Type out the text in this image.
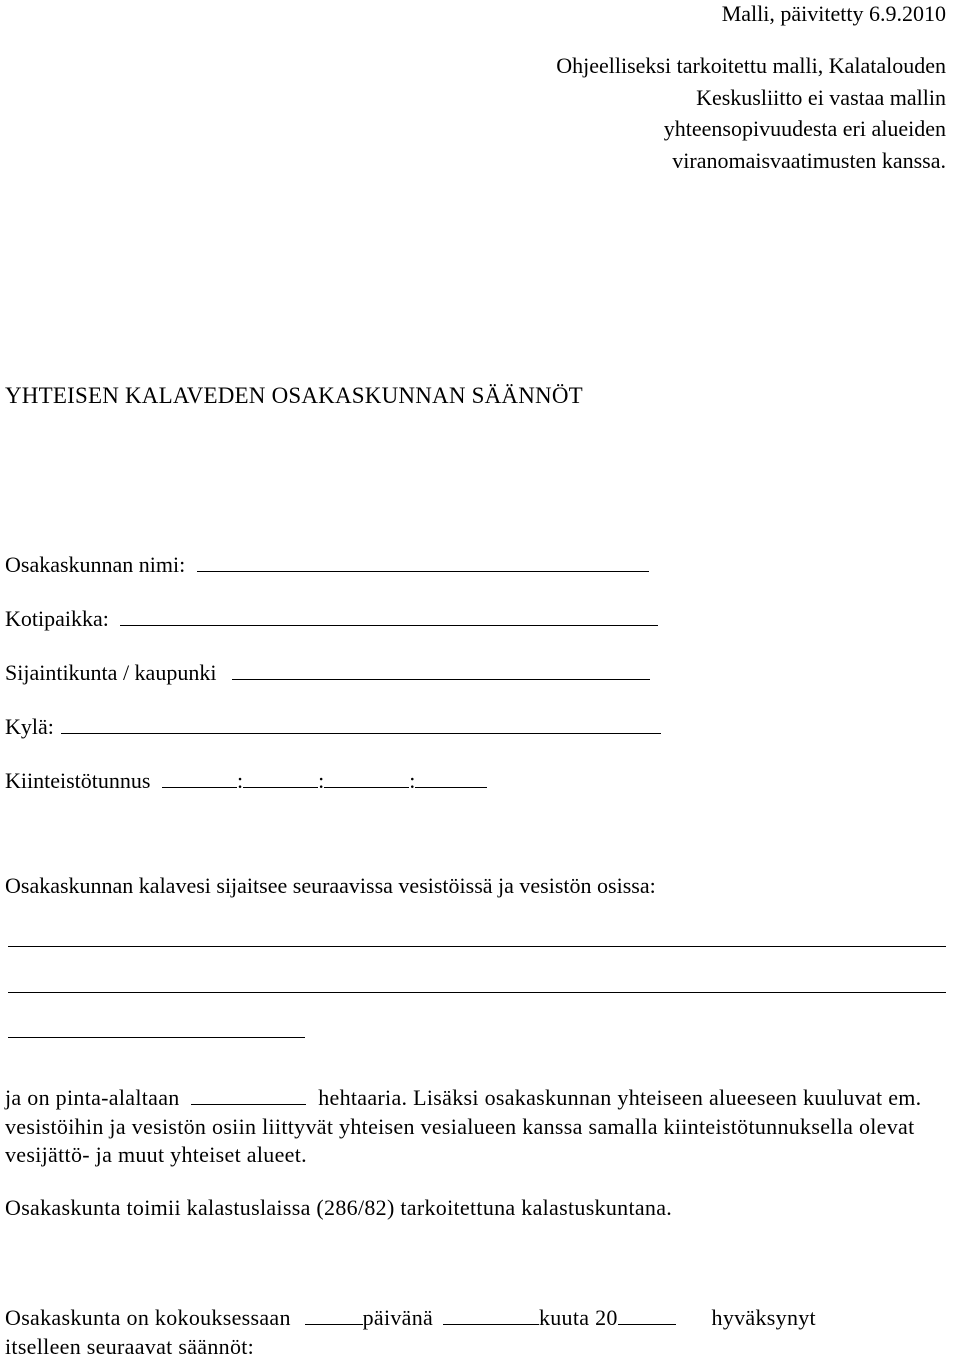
Malli, päivitetty 6.9.2010
Ohjeelliseksi tarkoitettu malli, Kalatalouden Keskusliitto ei vastaa mallin yhteensopivuudesta eri alueiden viranomaisvaatimusten kanssa.
YHTEISEN KALAVEDEN OSAKASKUNNAN SÄÄNNÖT
Osakaskunnan nimi:
Kotipaikka:
Sijaintikunta / kaupunki
Kylä:
Kiinteistötunnus	:	:	:
Osakaskunnan kalavesi sijaitsee seuraavissa vesistöissä ja vesistön osissa:
ja on pinta-alaltaan	hehtaaria. Lisäksi osakaskunnan yhteiseen alueeseen kuuluvat em. vesistöihin ja vesistön osiin liittyvät yhteisen vesialueen kanssa samalla kiinteistötunnuksella olevat vesijättö- ja muut yhteiset alueet.
Osakaskunta toimii kalastuslaissa (286/82) tarkoitettuna kalastuskuntana.
Osakaskunta on kokouksessaan	päivänä	kuuta 20	hyväksynyt
itselleen seuraavat säännöt:
